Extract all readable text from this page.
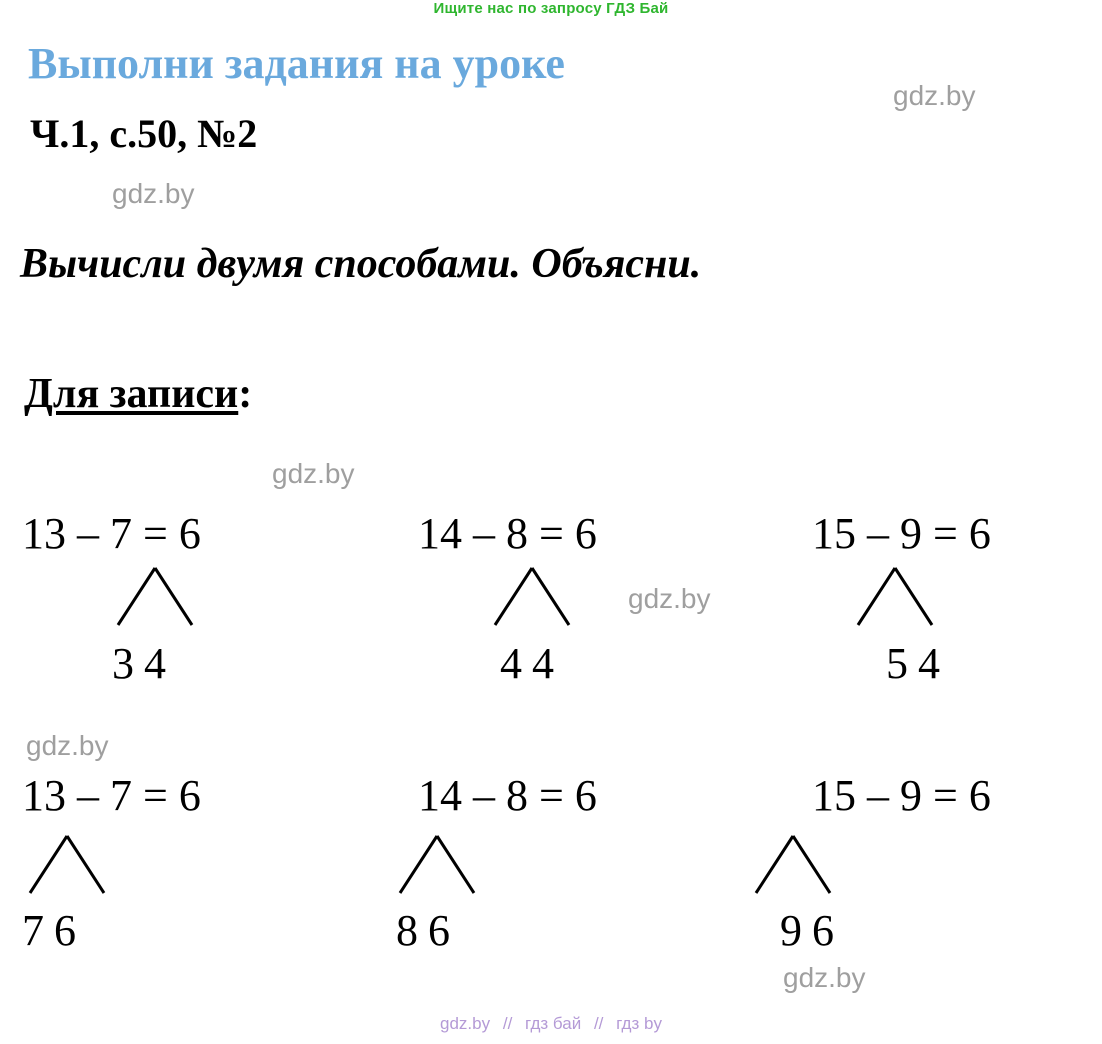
Ищите нас по запросу ГДЗ Бай
Выполни задания на уроке
Ч.1, с.50, №2
Вычисли двумя способами. Объясни.
Для записи:
gdz.by
gdz.by
gdz.by
gdz.by
gdz.by
gdz.by
13 – 7 = 6
34
14 – 8 = 6
44
15 – 9 = 6
54
13 – 7 = 6
76
14 – 8 = 6
86
15 – 9 = 6
96
gdz.by // гдз бай // гдз by
